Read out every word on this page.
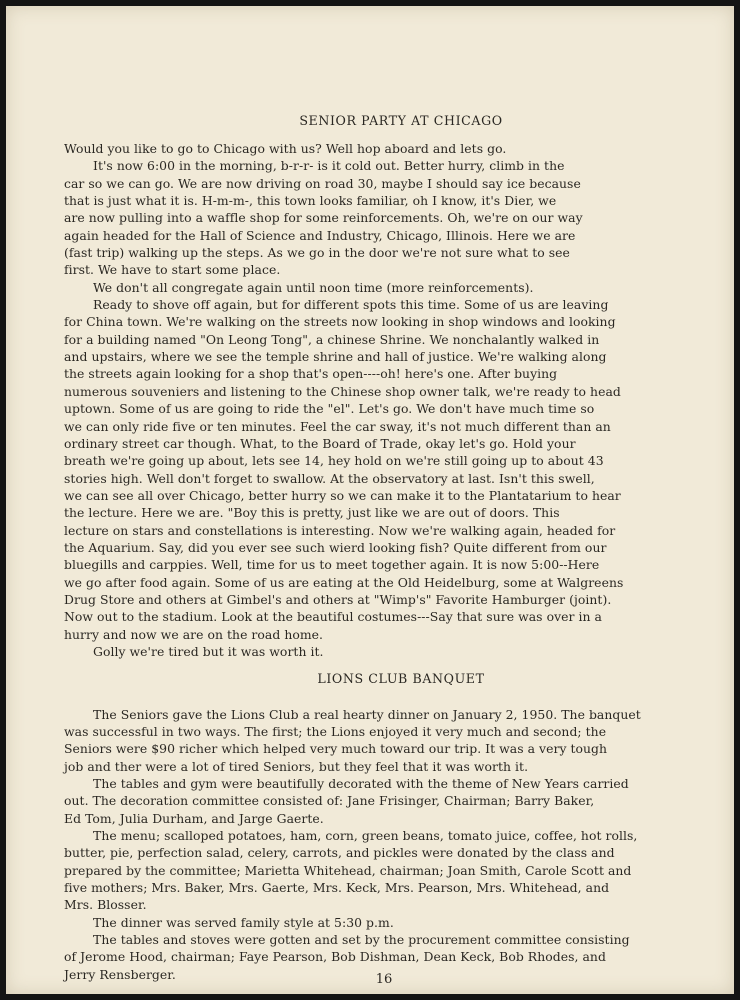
SENIOR PARTY AT CHICAGO

Would you like to go to Chicago with us? Well hop aboard and lets go.

It's now 6:00 in the morning, b-r-r- is it cold out. Better hurry, climb in the

car so we can go. We are now driving on road 30, maybe I should say ice because

that is just what it is. H-m-m-, this town looks familiar, oh I know, it's Dier, we

are now pulling into a waffle shop for some reinforcements. Oh, we're on our way

again headed for the Hall of Science and Industry, Chicago, Illinois. Here we are

(fast trip) walking up the steps. As we go in the door we're not sure what to see

first. We have to start some place.

We don't all congregate again until noon time (more reinforcements).

Ready to shove off again, but for different spots this time. Some of us are leaving

for China town. We're walking on the streets now looking in shop windows and looking

for a building named "On Leong Tong", a chinese Shrine. We nonchalantly walked in

and upstairs, where we see the temple shrine and hall of justice. We're walking along

the streets again looking for a shop that's open----oh! here's one. After buying

numerous souveniers and listening to the Chinese shop owner talk, we're ready to head

uptown. Some of us are going to ride the "el". Let's go. We don't have much time so

we can only ride five or ten minutes. Feel the car sway, it's not much different than an

ordinary street car though. What, to the Board of Trade, okay let's go. Hold your

breath we're going up about, lets see 14, hey hold on we're still going up to about 43

stories high. Well don't forget to swallow. At the observatory at last. Isn't this swell,

we can see all over Chicago, better hurry so we can make it to the Plantatarium to hear

the lecture. Here we are. "Boy this is pretty, just like we are out of doors. This

lecture on stars and constellations is interesting. Now we're walking again, headed for

the Aquarium. Say, did you ever see such wierd looking fish? Quite different from our

bluegills and carppies. Well, time for us to meet together again. It is now 5:00--Here

we go after food again. Some of us are eating at the Old Heidelburg, some at Walgreens

Drug Store and others at Gimbel's and others at "Wimp's" Favorite Hamburger (joint).

Now out to the stadium. Look at the beautiful costumes---Say that sure was over in a

hurry and now we are on the road home.

Golly we're tired but it was worth it.

LIONS CLUB BANQUET

The Seniors gave the Lions Club a real hearty dinner on January 2, 1950. The banquet

was successful in two ways. The first; the Lions enjoyed it very much and second; the

Seniors were $90 richer which helped very much toward our trip. It was a very tough

job and ther were a lot of tired Seniors, but they feel that it was worth it.

The tables and gym were beautifully decorated with the theme of New Years carried

out. The decoration committee consisted of: Jane Frisinger, Chairman; Barry Baker,

Ed Tom, Julia Durham, and Jarge Gaerte.

The menu; scalloped potatoes, ham, corn, green beans, tomato juice, coffee, hot rolls,

butter, pie, perfection salad, celery, carrots, and pickles were donated by the class and

prepared by the committee; Marietta Whitehead, chairman; Joan Smith, Carole Scott and

five mothers; Mrs. Baker, Mrs. Gaerte, Mrs. Keck, Mrs. Pearson, Mrs. Whitehead, and

Mrs. Blosser.

The dinner was served family style at 5:30 p.m.

The tables and stoves were gotten and set by the procurement committee consisting

of Jerome Hood, chairman; Faye Pearson, Bob Dishman, Dean Keck, Bob Rhodes, and

Jerry Rensberger.	16
